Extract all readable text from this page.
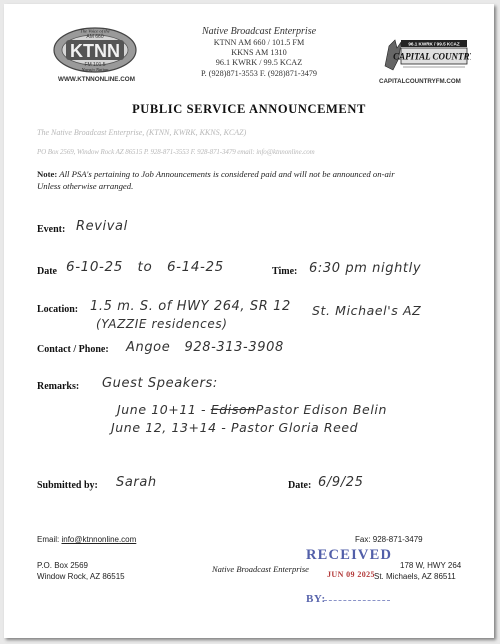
KTNN
AM 660
FM 101.5
The Voice of the
Navajo Nation
WWW.KTNNONLINE.COM
96.1 KWRK / 99.5 KCAZ
CAPITAL COUNTRY
CAPITALCOUNTRYFM.COM
Native Broadcast Enterprise
KTNN AM 660 / 101.5 FM
KKNS AM 1310
96.1 KWRK / 99.5 KCAZ
P. (928)871-3553 F. (928)871-3479
PUBLIC SERVICE ANNOUNCEMENT
The Native Broadcast Enterprise, (KTNN, KWRK, KKNS, KCAZ)
PO Box 2569, Window Rock AZ 86515 P. 928-871-3553 F. 928-871-3479 email: info@ktnnonline.com
Note: All PSA's pertaining to Job Announcements is considered paid and will not be announced on-air
Unless otherwise arranged.
Event: Revival
Date 6-10-25   to   6-14-25	Time: 6:30 pm nightly
Location: 1.5 m. S. of HWY 264, SR 12 St. Michael's AZ
(YAZZIE residences)
Contact / Phone: Angoe   928-313-3908
Remarks: Guest Speakers:
June 10+11 - EdisonPastor Edison Belin
June 12, 13+14 - Pastor Gloria Reed
Submitted by: Sarah	Date: 6/9/25
Email: info@ktnnonline.com	Fax: 928-871-3479
P.O. Box 2569
Window Rock, AZ 86515
Native Broadcast Enterprise	178 W, HWY 264
St. Michaels, AZ 86511
RECEIVED
JUN 09 2025
BY:
